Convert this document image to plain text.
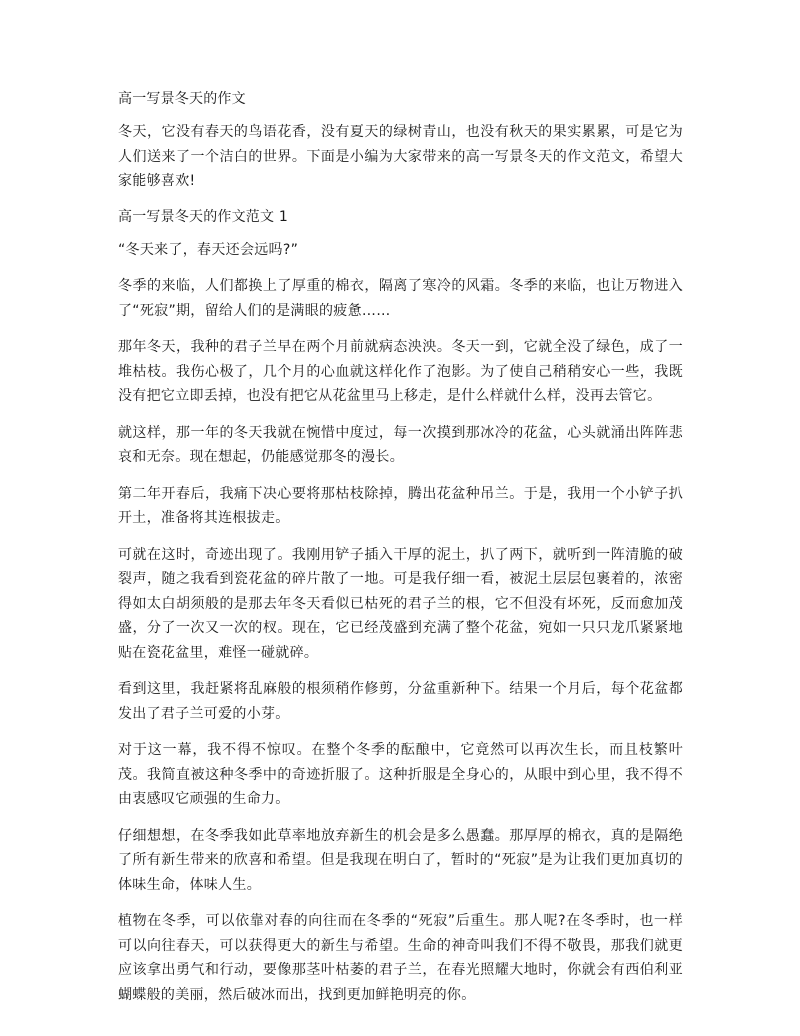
高一写景冬天的作文

冬天，它没有春天的鸟语花香，没有夏天的绿树青山，也没有秋天的果实累累，可是它为人们送来了一个洁白的世界。下面是小编为大家带来的高一写景冬天的作文范文，希望大家能够喜欢!

高一写景冬天的作文范文 1

“冬天来了，春天还会远吗?”

冬季的来临，人们都换上了厚重的棉衣，隔离了寒冷的风霜。冬季的来临，也让万物进入了“死寂”期，留给人们的是满眼的疲惫……

那年冬天，我种的君子兰早在两个月前就病态泱泱。冬天一到，它就全没了绿色，成了一堆枯枝。我伤心极了，几个月的心血就这样化作了泡影。为了使自己稍稍安心一些，我既没有把它立即丢掉，也没有把它从花盆里马上移走，是什么样就什么样，没再去管它。

就这样，那一年的冬天我就在惋惜中度过，每一次摸到那冰冷的花盆，心头就涌出阵阵悲哀和无奈。现在想起，仍能感觉那冬的漫长。

第二年开春后，我痛下决心要将那枯枝除掉，腾出花盆种吊兰。于是，我用一个小铲子扒开土，准备将其连根拔走。

可就在这时，奇迹出现了。我刚用铲子插入干厚的泥土，扒了两下，就听到一阵清脆的破裂声，随之我看到瓷花盆的碎片散了一地。可是我仔细一看，被泥土层层包裹着的，浓密得如太白胡须般的是那去年冬天看似已枯死的君子兰的根，它不但没有坏死，反而愈加茂盛，分了一次又一次的杈。现在，它已经茂盛到充满了整个花盆，宛如一只只龙爪紧紧地贴在瓷花盆里，难怪一碰就碎。

看到这里，我赶紧将乱麻般的根须稍作修剪，分盆重新种下。结果一个月后，每个花盆都发出了君子兰可爱的小芽。

对于这一幕，我不得不惊叹。在整个冬季的酝酿中，它竟然可以再次生长，而且枝繁叶茂。我简直被这种冬季中的奇迹折服了。这种折服是全身心的，从眼中到心里，我不得不由衷感叹它顽强的生命力。

仔细想想，在冬季我如此草率地放弃新生的机会是多么愚蠢。那厚厚的棉衣，真的是隔绝了所有新生带来的欣喜和希望。但是我现在明白了，暂时的“死寂”是为让我们更加真切的体味生命，体味人生。

植物在冬季，可以依靠对春的向往而在冬季的“死寂”后重生。那人呢?在冬季时，也一样可以向往春天，可以获得更大的新生与希望。生命的神奇叫我们不得不敬畏，那我们就更应该拿出勇气和行动，要像那茎叶枯萎的君子兰，在春光照耀大地时，你就会有西伯利亚蝴蝶般的美丽，然后破冰而出，找到更加鲜艳明亮的你。
